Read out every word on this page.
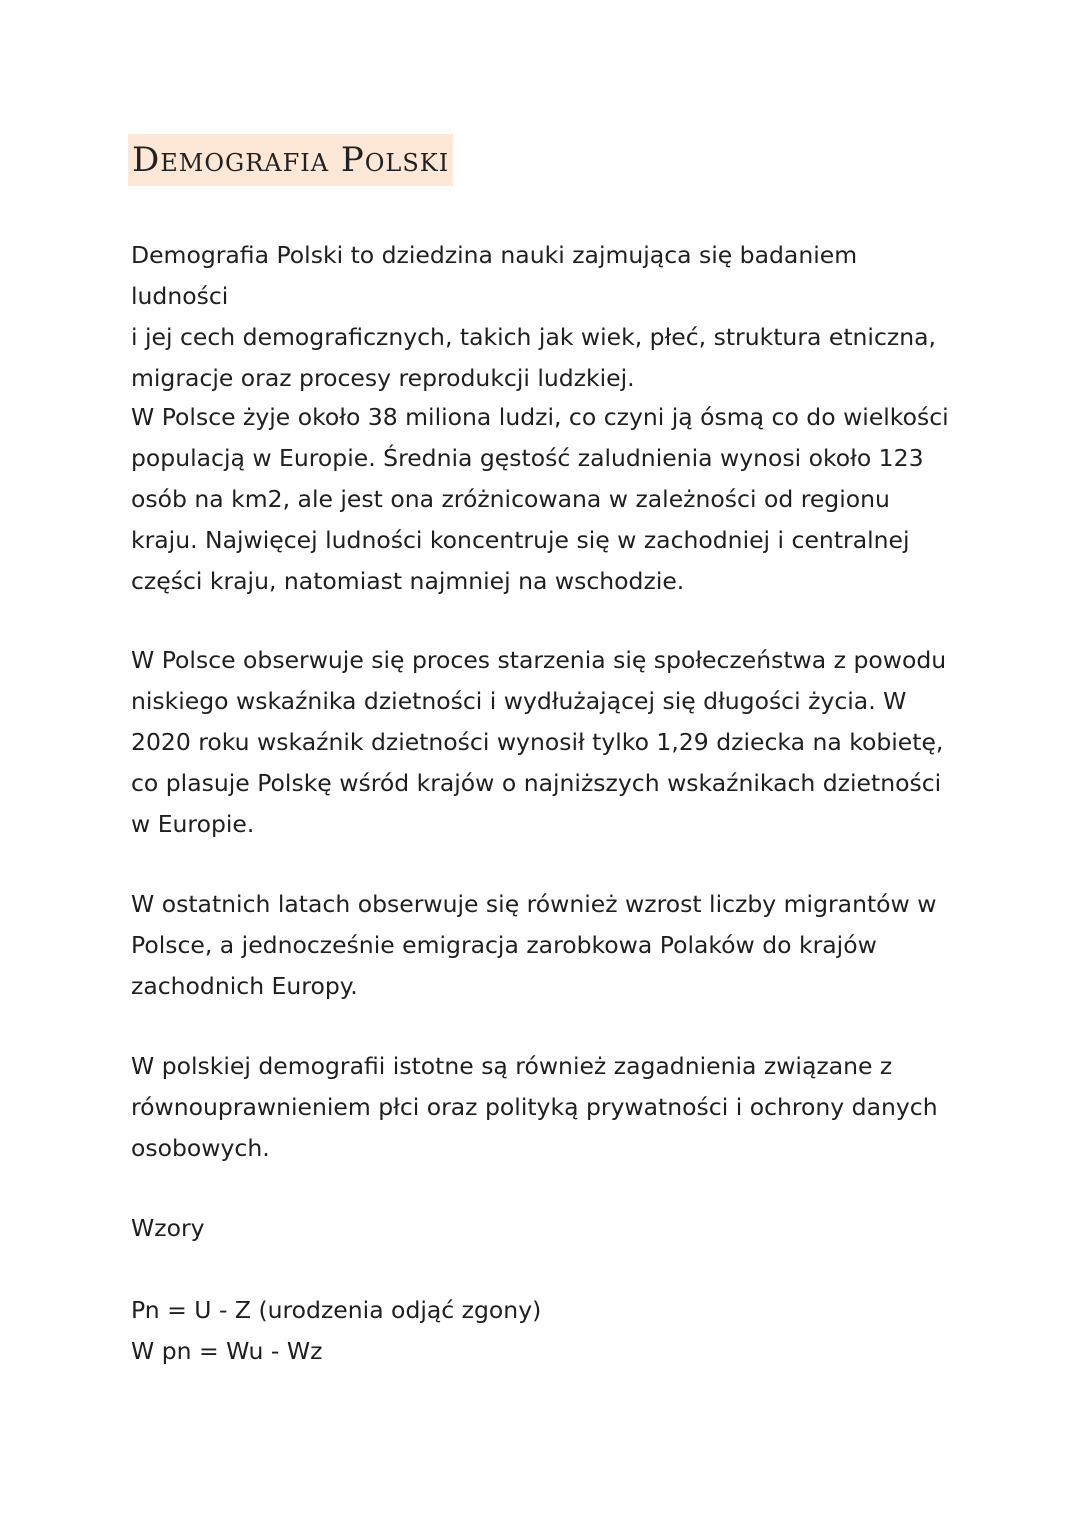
Demografia Polski

Demografia Polski to dziedzina nauki zajmująca się badaniem ludności
i jej cech demograficznych, takich jak wiek, płeć, struktura etniczna,
migracje oraz procesy reprodukcji ludzkiej.

W Polsce żyje około 38 miliona ludzi, co czyni ją ósmą co do wielkości
populacją w Europie. Średnia gęstość zaludnienia wynosi około 123
osób na km2, ale jest ona zróżnicowana w zależności od regionu
kraju. Najwięcej ludności koncentruje się w zachodniej i centralnej
części kraju, natomiast najmniej na wschodzie.

W Polsce obserwuje się proces starzenia się społeczeństwa z powodu
niskiego wskaźnika dzietności i wydłużającej się długości życia. W
2020 roku wskaźnik dzietności wynosił tylko 1,29 dziecka na kobietę,
co plasuje Polskę wśród krajów o najniższych wskaźnikach dzietności
w Europie.

W ostatnich latach obserwuje się również wzrost liczby migrantów w
Polsce, a jednocześnie emigracja zarobkowa Polaków do krajów
zachodnich Europy.

W polskiej demografii istotne są również zagadnienia związane z
równouprawnieniem płci oraz polityką prywatności i ochrony danych
osobowych.

Wzory

Pn = U - Z (urodzenia odjąć zgony)
W pn = Wu - Wz
